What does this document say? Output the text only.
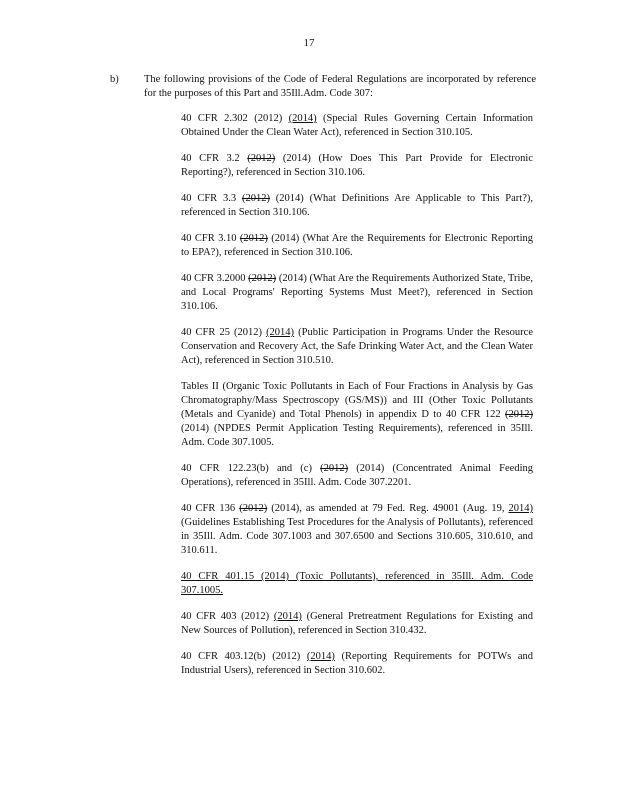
17
b) The following provisions of the Code of Federal Regulations are incorporated by reference for the purposes of this Part and 35Ill.Adm. Code 307:

40 CFR 2.302 (2012) (2014) (Special Rules Governing Certain Information Obtained Under the Clean Water Act), referenced in Section 310.105.

40 CFR 3.2 (2012) (2014) (How Does This Part Provide for Electronic Reporting?), referenced in Section 310.106.

40 CFR 3.3 (2012) (2014) (What Definitions Are Applicable to This Part?), referenced in Section 310.106.

40 CFR 3.10 (2012) (2014) (What Are the Requirements for Electronic Reporting to EPA?), referenced in Section 310.106.

40 CFR 3.2000 (2012) (2014) (What Are the Requirements Authorized State, Tribe, and Local Programs' Reporting Systems Must Meet?), referenced in Section 310.106.

40 CFR 25 (2012) (2014) (Public Participation in Programs Under the Resource Conservation and Recovery Act, the Safe Drinking Water Act, and the Clean Water Act), referenced in Section 310.510.

Tables II (Organic Toxic Pollutants in Each of Four Fractions in Analysis by Gas Chromatography/Mass Spectroscopy (GS/MS)) and III (Other Toxic Pollutants (Metals and Cyanide) and Total Phenols) in appendix D to 40 CFR 122 (2012) (2014) (NPDES Permit Application Testing Requirements), referenced in 35Ill. Adm. Code 307.1005.

40 CFR 122.23(b) and (c) (2012) (2014) (Concentrated Animal Feeding Operations), referenced in 35Ill. Adm. Code 307.2201.

40 CFR 136 (2012) (2014), as amended at 79 Fed. Reg. 49001 (Aug. 19, 2014) (Guidelines Establishing Test Procedures for the Analysis of Pollutants), referenced in 35Ill. Adm. Code 307.1003 and 307.6500 and Sections 310.605, 310.610, and 310.611.

40 CFR 401.15 (2014) (Toxic Pollutants), referenced in 35Ill. Adm. Code 307.1005.

40 CFR 403 (2012) (2014) (General Pretreatment Regulations for Existing and New Sources of Pollution), referenced in Section 310.432.

40 CFR 403.12(b) (2012) (2014) (Reporting Requirements for POTWs and Industrial Users), referenced in Section 310.602.
